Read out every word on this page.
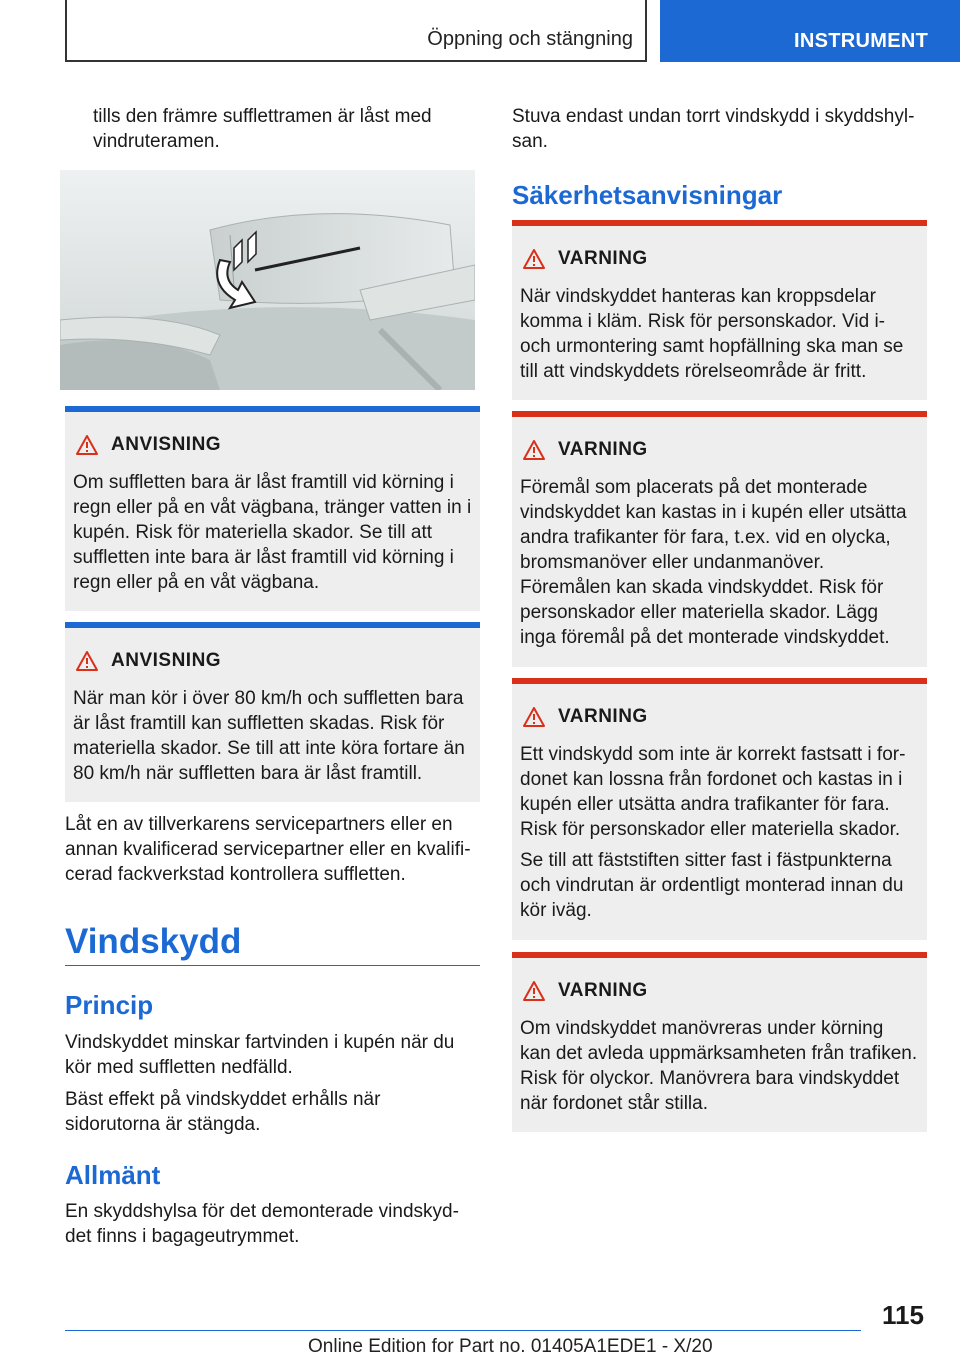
Öppning och stängning	INSTRUMENT
tills den främre sufflettramen är låst med vindruteramen.
ANVISNING
Om suffletten bara är låst framtill vid körning i regn eller på en våt vägbana, tränger vatten in i kupén. Risk för materiella skador. Se till att suffletten inte bara är låst framtill vid körning i regn eller på en våt vägbana.
ANVISNING
När man kör i över 80 km/h och suffletten bara är låst framtill kan suffletten skadas. Risk för materiella skador. Se till att inte köra fortare än 80 km/h när suffletten bara är låst framtill.
Låt en av tillverkarens servicepartners eller en annan kvalificerad servicepartner eller en kvalificerad fackverkstad kontrollera suffletten.
Vindskydd
Princip
Vindskyddet minskar fartvinden i kupén när du kör med suffletten nedfälld.
Bäst effekt på vindskyddet erhålls när sidorutorna är stängda.
Allmänt
En skyddshylsa för det demonterade vindskyddet finns i bagageutrymmet.
Stuva endast undan torrt vindskydd i skyddshylsan.
Säkerhetsanvisningar
VARNING
När vindskyddet hanteras kan kroppsdelar komma i kläm. Risk för personskador. Vid i- och urmontering samt hopfällning ska man se till att vindskyddets rörelseområde är fritt.
VARNING
Föremål som placerats på det monterade vindskyddet kan kastas in i kupén eller utsätta andra trafikanter för fara, t.ex. vid en olycka, bromsmanöver eller undanmanöver. Föremålen kan skada vindskyddet. Risk för personskador eller materiella skador. Lägg inga föremål på det monterade vindskyddet.
VARNING

Ett vindskydd som inte är korrekt fastsatt i fordonet kan lossna från fordonet och kastas in i kupén eller utsätta andra trafikanter för fara. Risk för personskador eller materiella skador.

Se till att fäststiften sitter fast i fästpunkterna och vindrutan är ordentligt monterad innan du kör iväg.

VARNING
Om vindskyddet manövreras under körning kan det avleda uppmärksamheten från trafiken. Risk för olyckor. Manövrera bara vindskyddet när fordonet står stilla.
115
Online Edition for Part no. 01405A1EDE1 - X/20
